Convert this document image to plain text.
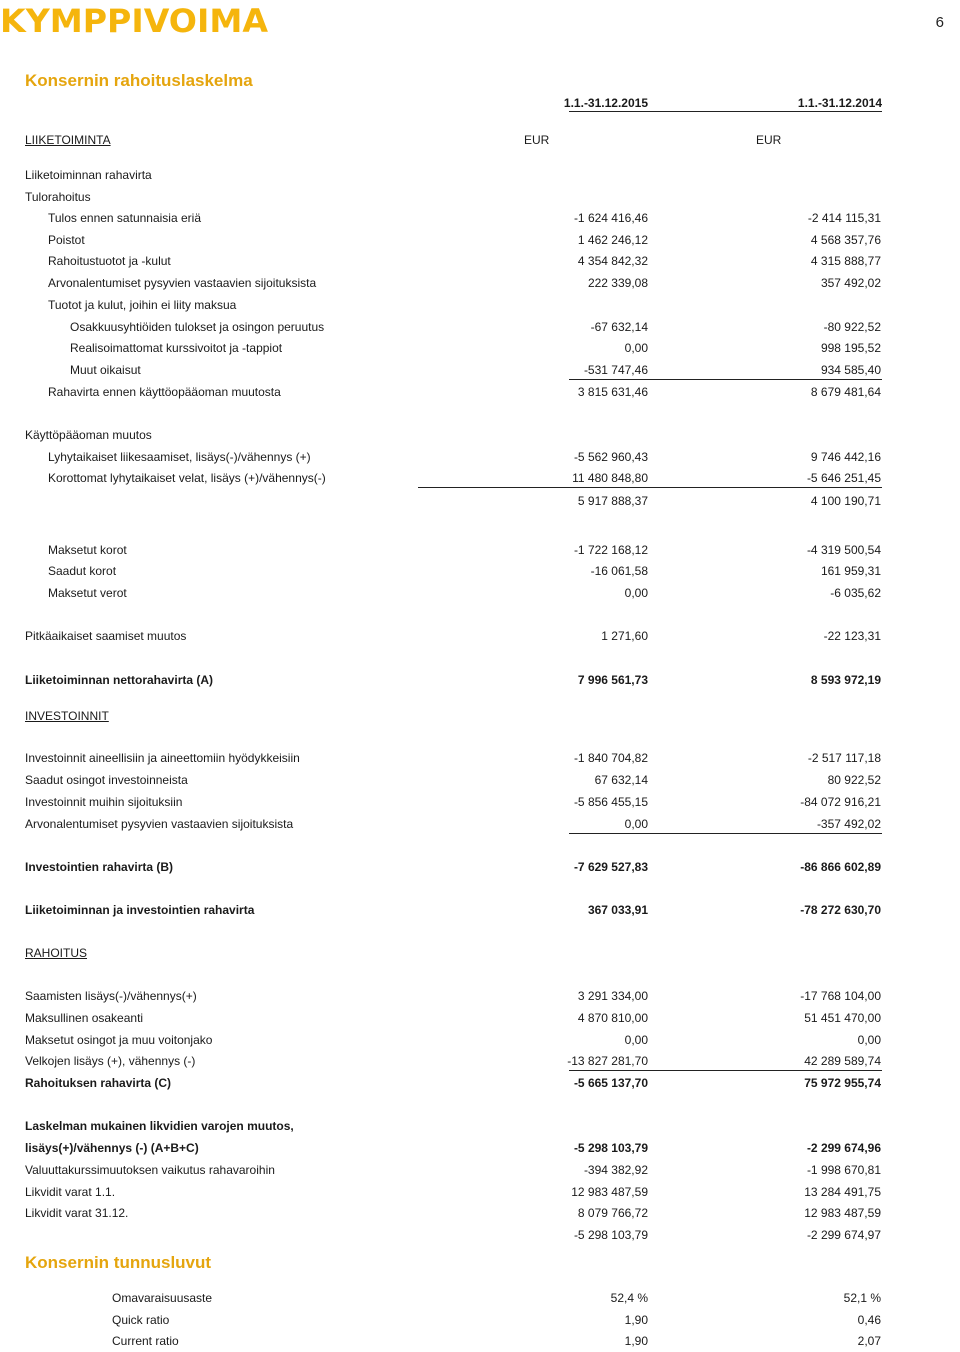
KYMPPIVOIMA	6
Konsernin rahoituslaskelma
1.1.-31.12.2015	1.1.-31.12.2014
EUR	EUR
LIIKETOIMINTA
Liiketoiminnan rahavirta
Tulorahoitus
Tulos ennen satunnaisia eriä	-1 624 416,46	-2 414 115,31
Poistot	1 462 246,12	4 568 357,76
Rahoitustuotot ja -kulut	4 354 842,32	4 315 888,77
Arvonalentumiset pysyvien vastaavien sijoituksista	222 339,08	357 492,02
Tuotot ja kulut, joihin ei liity maksua
Osakkuusyhtiöiden tulokset ja osingon peruutus	-67 632,14	-80 922,52
Realisoimattomat kurssivoitot ja -tappiot	0,00	998 195,52
Muut oikaisut	-531 747,46	934 585,40
Rahavirta ennen käyttöopääoman muutosta	3 815 631,46	8 679 481,64
Käyttöpääoman muutos
Lyhytaikaiset liikesaamiset, lisäys(-)/vähennys (+)	-5 562 960,43	9 746 442,16
Korottomat lyhytaikaiset velat, lisäys (+)/vähennys(-)	11 480 848,80	-5 646 251,45
5 917 888,37	4 100 190,71
Maksetut korot	-1 722 168,12	-4 319 500,54
Saadut korot	-16 061,58	161 959,31
Maksetut verot	0,00	-6 035,62
Pitkäaikaiset saamiset muutos	1 271,60	-22 123,31
Liiketoiminnan nettorahavirta (A)	7 996 561,73	8 593 972,19
INVESTOINNIT
Investoinnit aineellisiin ja aineettomiin hyödykkeisiin	-1 840 704,82	-2 517 117,18
Saadut osingot investoinneista	67 632,14	80 922,52
Investoinnit muihin sijoituksiin	-5 856 455,15	-84 072 916,21
Arvonalentumiset pysyvien vastaavien sijoituksista	0,00	-357 492,02
Investointien rahavirta (B)	-7 629 527,83	-86 866 602,89
Liiketoiminnan ja investointien rahavirta	367 033,91	-78 272 630,70
RAHOITUS
Saamisten lisäys(-)/vähennys(+)	3 291 334,00	-17 768 104,00
Maksullinen osakeanti	4 870 810,00	51 451 470,00
Maksetut osingot ja muu voitonjako	0,00	0,00
Velkojen lisäys (+), vähennys (-)	-13 827 281,70	42 289 589,74
Rahoituksen rahavirta (C)	-5 665 137,70	75 972 955,74
Laskelman mukainen likvidien varojen muutos,
lisäys(+)/vähennys (-) (A+B+C)	-5 298 103,79	-2 299 674,96
Valuuttakurssimuutoksen vaikutus rahavaroihin	-394 382,92	-1 998 670,81
Likvidit varat 1.1.	12 983 487,59	13 284 491,75
Likvidit varat 31.12.	8 079 766,72	12 983 487,59
-5 298 103,79	-2 299 674,97
Konsernin tunnusluvut
Omavaraisuusaste	52,4 %	52,1 %
Quick ratio	1,90	0,46
Current ratio	1,90	2,07
